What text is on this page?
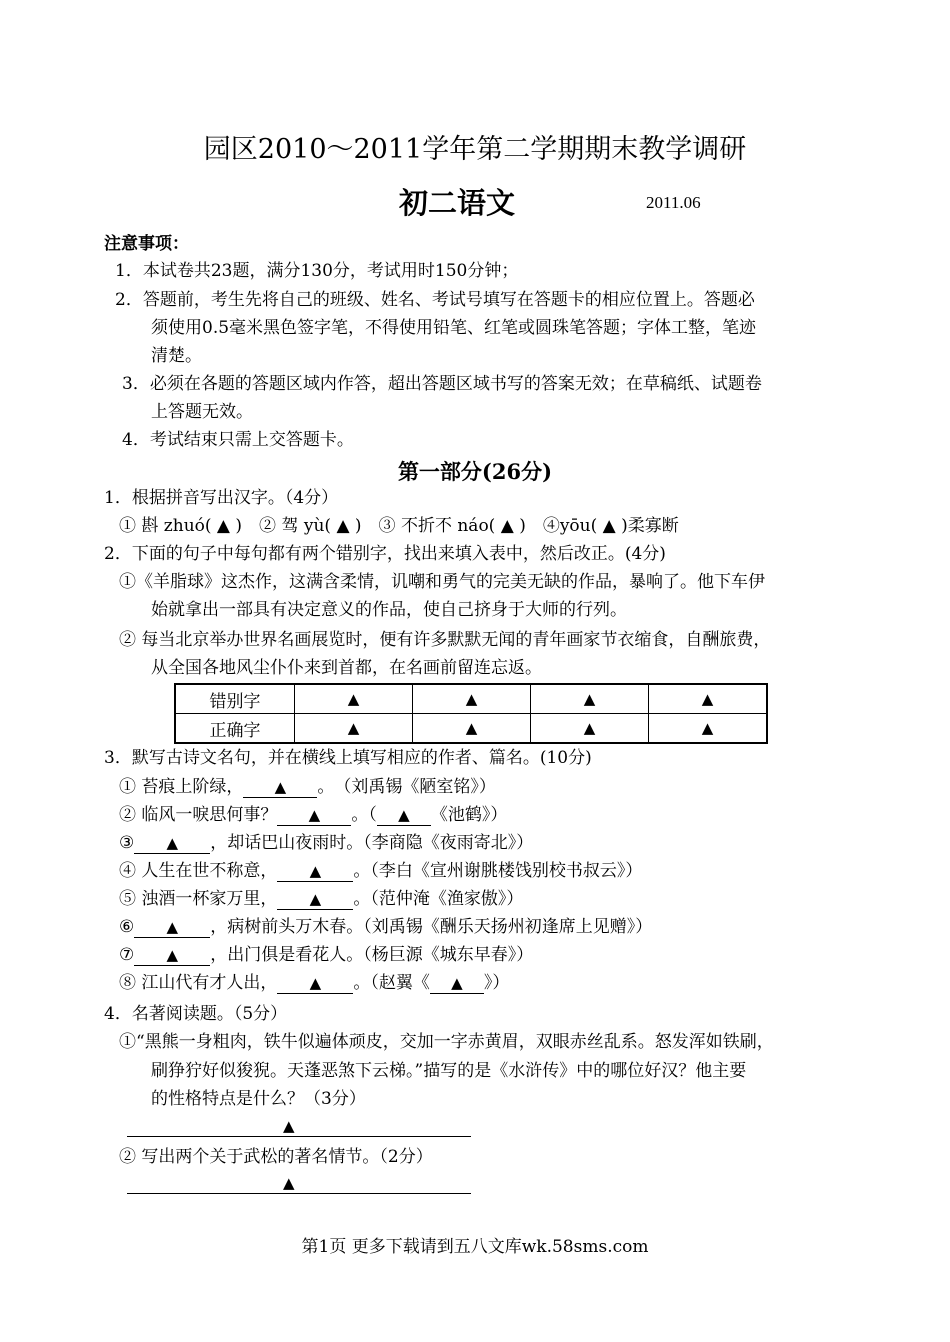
园区2010～2011学年第二学期期末教学调研
初二语文	2011.06
注意事项：
1．本试卷共23题，满分130分，考试用时150分钟；
2．答题前，考生先将自己的班级、姓名、考试号填写在答题卡的相应位置上。答题必
须使用0.5毫米黑色签字笔，不得使用铅笔、红笔或圆珠笔答题；字体工整，笔迹
清楚。
3．必须在各题的答题区域内作答，超出答题区域书写的答案无效；在草稿纸、试题卷
上答题无效。
4．考试结束只需上交答题卡。
第一部分(26分)
1．根据拼音写出汉字。（4分）
① 斟 zhuó( ▲ )　② 驾 yù( ▲ )　③ 不折不 náo( ▲ )　④yōu( ▲ )柔寡断
2．下面的句子中每句都有两个错别字，找出来填入表中，然后改正。(4分)
①《羊脂球》这杰作，这满含柔情，讥嘲和勇气的完美无缺的作品，暴响了。他下车伊
始就拿出一部具有决定意义的作品，使自己挤身于大师的行列。
② 每当北京举办世界名画展览时，便有许多默默无闻的青年画家节衣缩食，自酬旅费，
从全国各地风尘仆仆来到首都，在名画前留连忘返。
错别字	▲	▲	▲	▲
正确字	▲	▲	▲	▲
3．默写古诗文名句，并在横线上填写相应的作者、篇名。(10分)
① 苔痕上阶绿， ▲ 。　（刘禹锡《陋室铭》）
② 临风一唳思何事？ ▲ 。（ ▲ 《池鹤》）
③ ▲ ，却话巴山夜雨时。（李商隐《夜雨寄北》）
④ 人生在世不称意， ▲ 。（李白《宣州谢朓楼饯别校书叔云》）
⑤ 浊酒一杯家万里， ▲ 。（范仲淹《渔家傲》）
⑥ ▲ ，病树前头万木春。（刘禹锡《酬乐天扬州初逢席上见赠》）
⑦ ▲ ，出门俱是看花人。（杨巨源《城东早春》）
⑧ 江山代有才人出， ▲ 。（赵翼《 ▲ 》）
4．名著阅读题。（5分）
①“黑熊一身粗肉，铁牛似遍体顽皮，交加一字赤黄眉，双眼赤丝乱系。怒发浑如铁刷，
刷狰狞好似狻猊。天蓬恶煞下云梯。”描写的是《水浒传》中的哪位好汉？他主要
的性格特点是什么？（3分）
▲
② 写出两个关于武松的著名情节。（2分）
▲
第1页 更多下载请到五八文库wk.58sms.com
